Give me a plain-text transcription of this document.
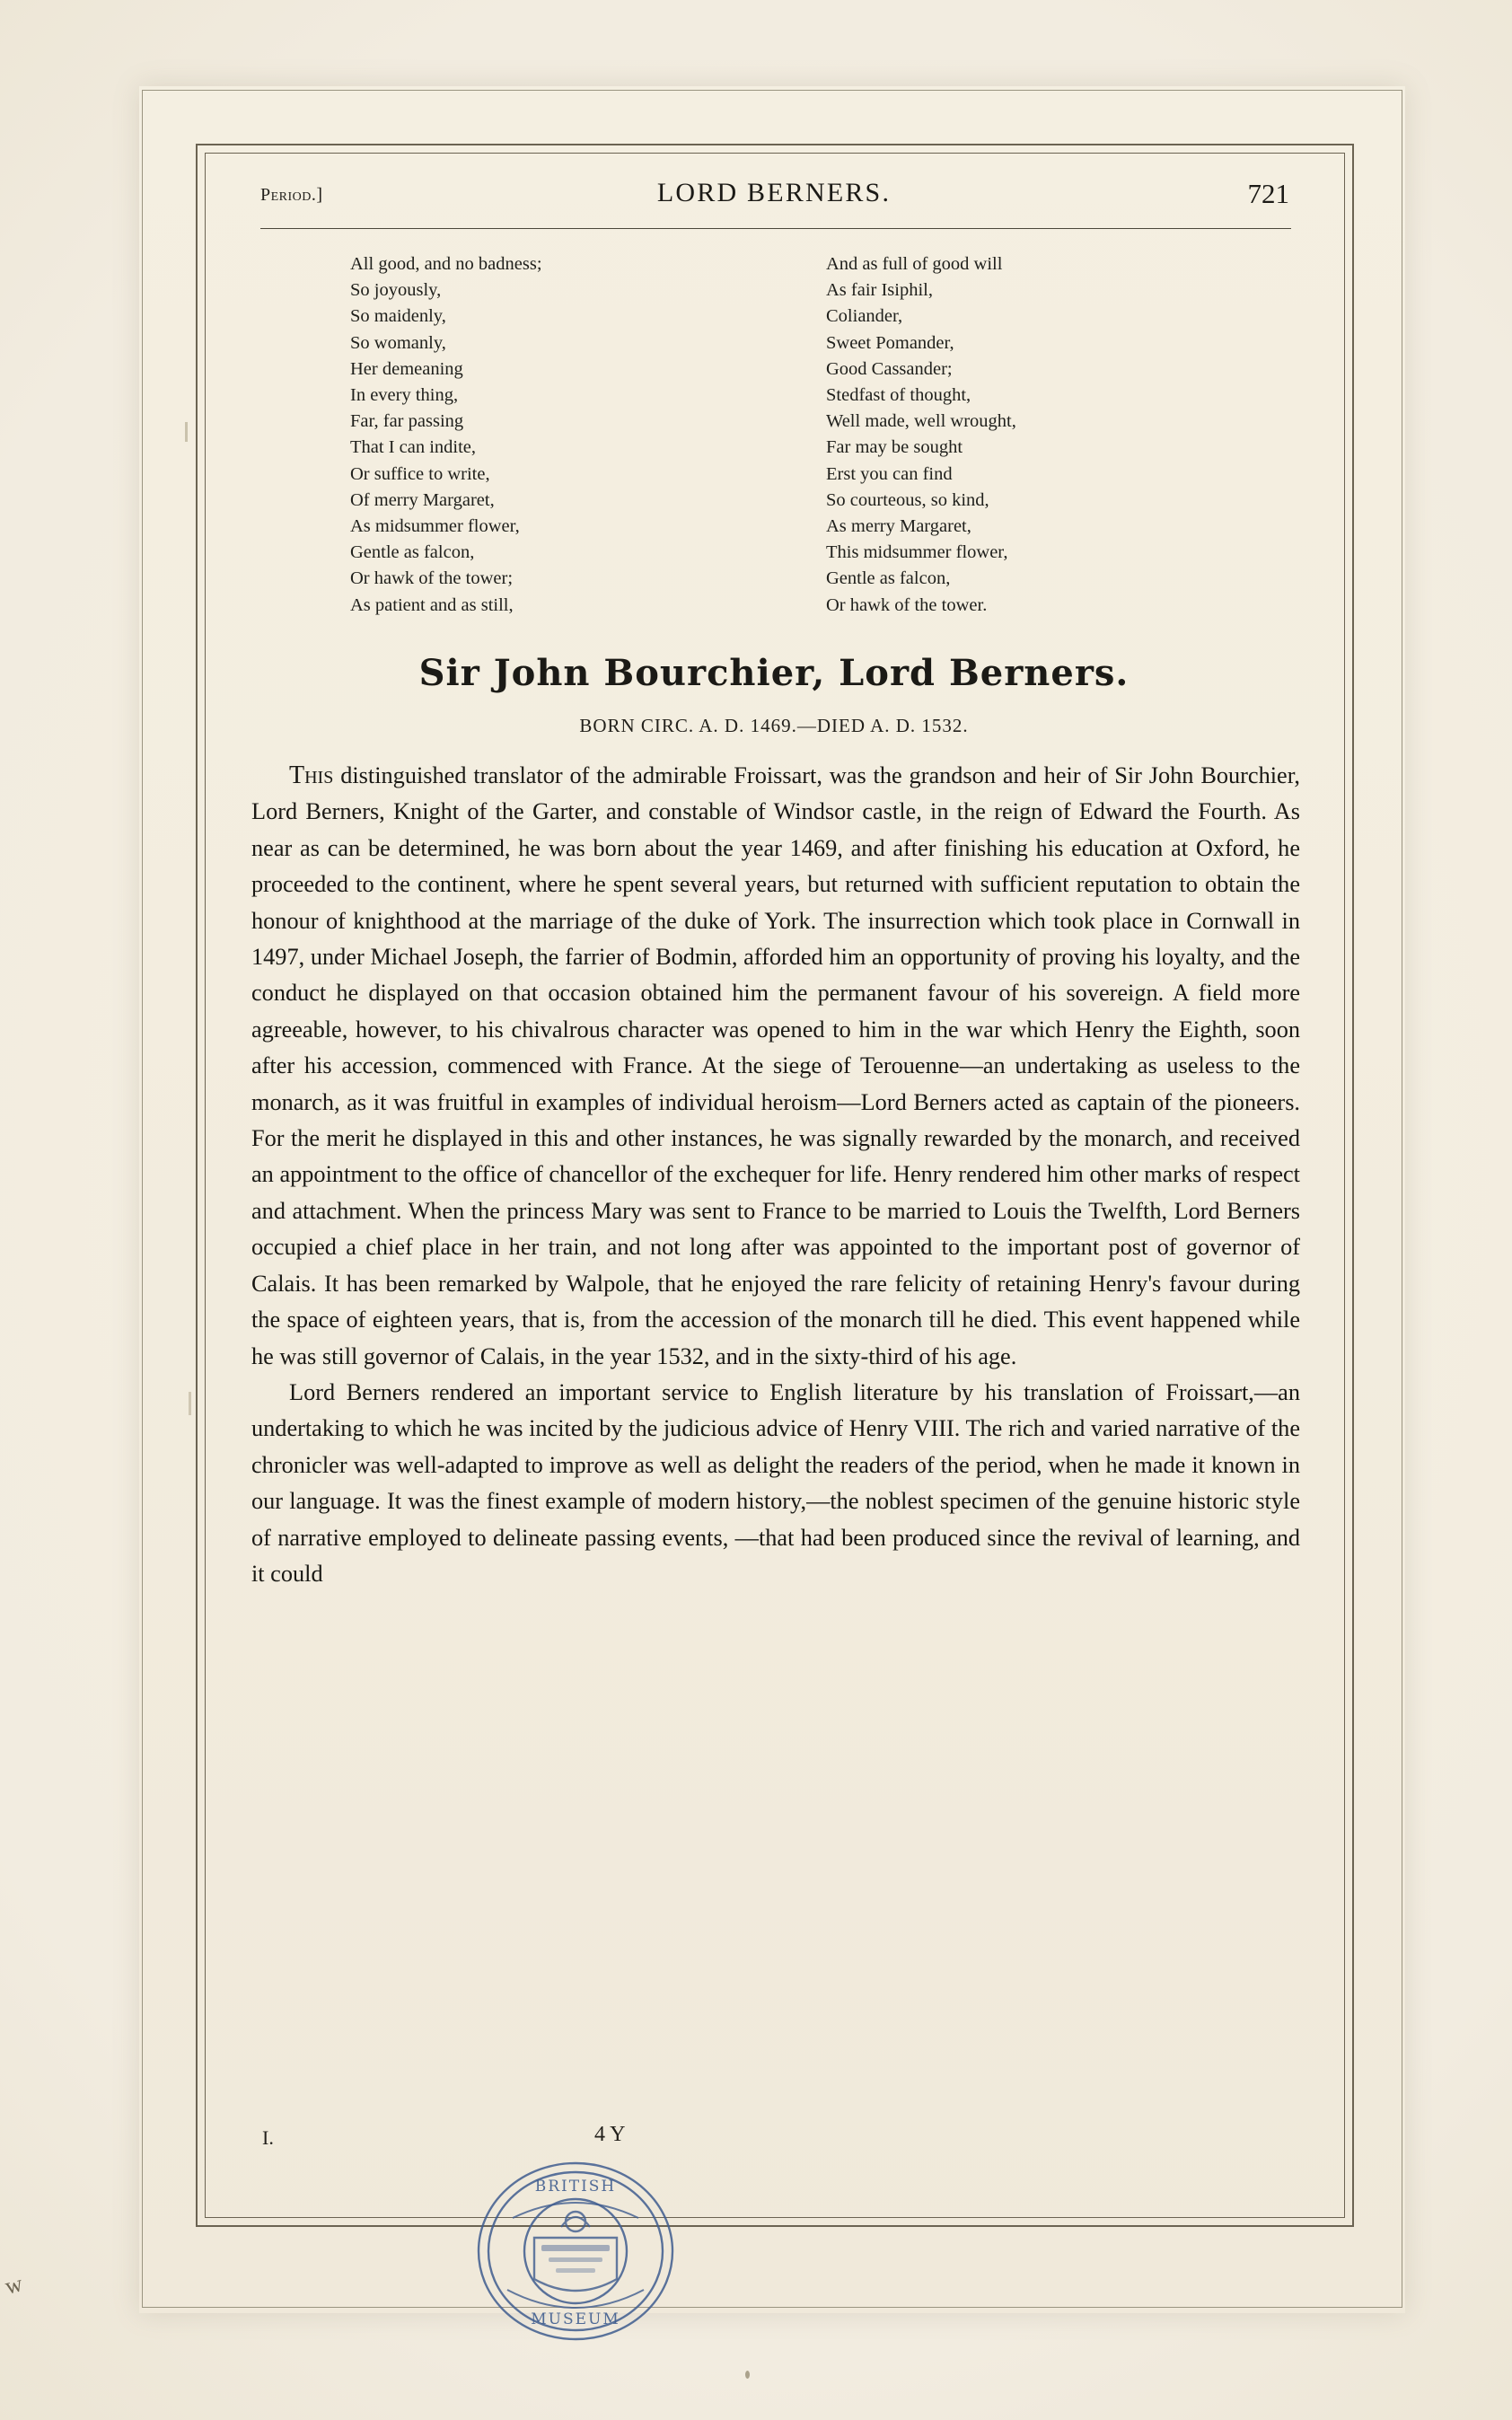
Period.]	LORD BERNERS.	721
All good, and no badness;
So joyously,
So maidenly,
So womanly,
Her demeaning
In every thing,
Far, far passing
That I can indite,
Or suffice to write,
Of merry Margaret,
As midsummer flower,
Gentle as falcon,
Or hawk of the tower;
As patient and as still,
And as full of good will
As fair Isiphil,
Coliander,
Sweet Pomander,
Good Cassander;
Stedfast of thought,
Well made, well wrought,
Far may be sought
Erst you can find
So courteous, so kind,
As merry Margaret,
This midsummer flower,
Gentle as falcon,
Or hawk of the tower.
Sir John Bourchier, Lord Berners.
BORN CIRC. A. D. 1469.—DIED A. D. 1532.

This distinguished translator of the admirable Froissart, was the grandson and heir of Sir John Bourchier, Lord Berners, Knight of the Garter, and constable of Windsor castle, in the reign of Edward the Fourth. As near as can be determined, he was born about the year 1469, and after finishing his education at Oxford, he proceeded to the continent, where he spent several years, but returned with sufficient reputation to obtain the honour of knighthood at the marriage of the duke of York. The insurrection which took place in Cornwall in 1497, under Michael Joseph, the farrier of Bodmin, afforded him an opportunity of proving his loyalty, and the conduct he displayed on that occasion obtained him the permanent favour of his sovereign. A field more agreeable, however, to his chivalrous character was opened to him in the war which Henry the Eighth, soon after his accession, commenced with France. At the siege of Terouenne—an undertaking as useless to the monarch, as it was fruitful in examples of individual heroism—Lord Berners acted as captain of the pioneers. For the merit he displayed in this and other instances, he was signally rewarded by the monarch, and received an appointment to the office of chancellor of the exchequer for life. Henry rendered him other marks of respect and attachment. When the princess Mary was sent to France to be married to Louis the Twelfth, Lord Berners occupied a chief place in her train, and not long after was appointed to the important post of governor of Calais. It has been remarked by Walpole, that he enjoyed the rare felicity of retaining Henry's favour during the space of eighteen years, that is, from the accession of the monarch till he died. This event happened while he was still governor of Calais, in the year 1532, and in the sixty-third of his age.

Lord Berners rendered an important service to English literature by his translation of Froissart,—an undertaking to which he was incited by the judicious advice of Henry VIII. The rich and varied narrative of the chronicler was well-adapted to improve as well as delight the readers of the period, when he made it known in our language. It was the finest example of modern history,—the noblest specimen of the genuine historic style of narrative employed to delineate passing events, —that had been produced since the revival of learning, and it could

I.	4 Y
BRITISH
MUSEUM
w
